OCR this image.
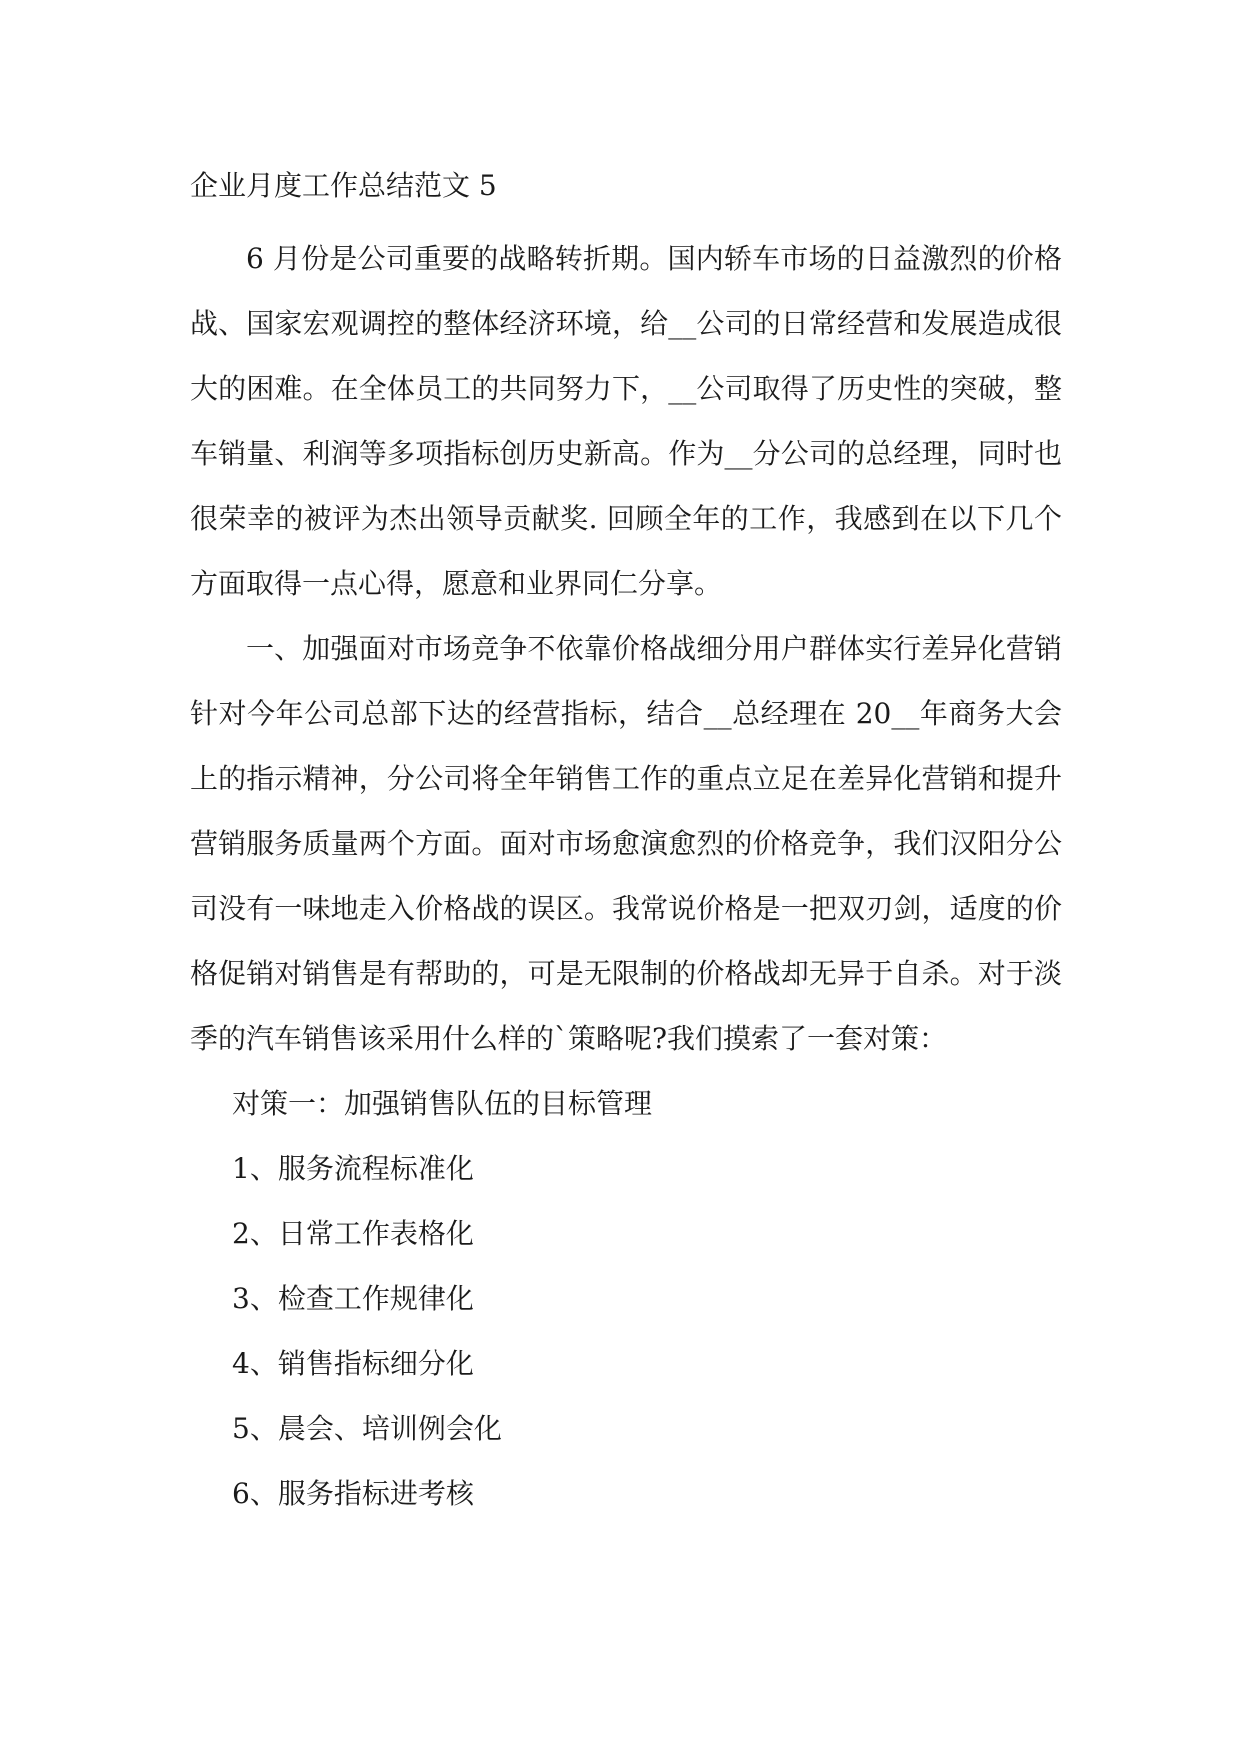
企业月度工作总结范文 5

6 月份是公司重要的战略转折期。国内轿车市场的日益激烈的价格战、国家宏观调控的整体经济环境，给__公司的日常经营和发展造成很大的困难。在全体员工的共同努力下，__公司取得了历史性的突破，整车销量、利润等多项指标创历史新高。作为__分公司的总经理，同时也很荣幸的被评为杰出领导贡献奖. 回顾全年的工作，我感到在以下几个方面取得一点心得，愿意和业界同仁分享。

一、加强面对市场竞争不依靠价格战细分用户群体实行差异化营销针对今年公司总部下达的经营指标，结合__总经理在 20__年商务大会上的指示精神，分公司将全年销售工作的重点立足在差异化营销和提升营销服务质量两个方面。面对市场愈演愈烈的价格竞争，我们汉阳分公司没有一味地走入价格战的误区。我常说价格是一把双刃剑，适度的价格促销对销售是有帮助的，可是无限制的价格战却无异于自杀。对于淡季的汽车销售该采用什么样的`策略呢?我们摸索了一套对策：

对策一：加强销售队伍的目标管理

1、服务流程标准化

2、日常工作表格化

3、检查工作规律化

4、销售指标细分化

5、晨会、培训例会化

6、服务指标进考核
